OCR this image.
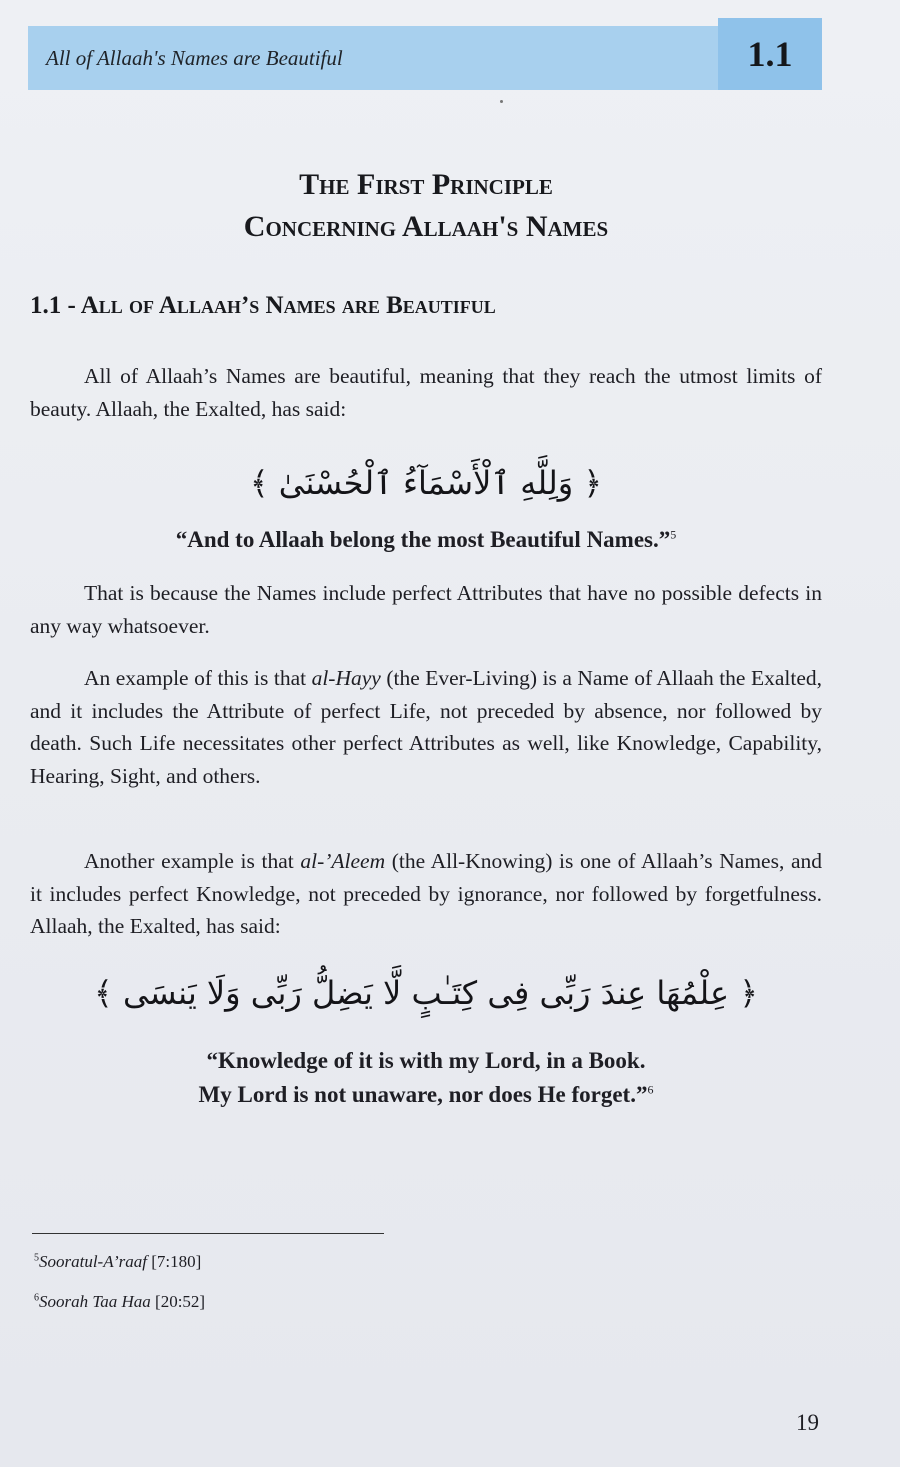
All of Allaah's Names are Beautiful	1.1
The First Principle
Concerning Allaah's Names
1.1 - All of Allaah’s Names are Beautiful

All of Allaah’s Names are beautiful, meaning that they reach the utmost limits of beauty. Allaah, the Exalted, has said:

﴿ وَلِلَّهِ ٱلْأَسْمَآءُ ٱلْحُسْنَىٰ ﴾
“And to Allaah belong the most Beautiful Names.”$^5$

That is because the Names include perfect Attributes that have no possible defects in any way whatsoever.

An example of this is that al-Hayy (the Ever-Living) is a Name of Allaah the Exalted, and it includes the Attribute of perfect Life, not preceded by absence, nor followed by death. Such Life necessitates other perfect Attributes as well, like Knowledge, Capability, Hearing, Sight, and others.

Another example is that al-’Aleem (the All-Knowing) is one of Allaah’s Names, and it includes perfect Knowledge, not preceded by ignorance, nor followed by forgetfulness. Allaah, the Exalted, has said:

﴿ عِلْمُهَا عِندَ رَبِّى فِى كِتَـٰبٍ لَّا يَضِلُّ رَبِّى وَلَا يَنسَى ﴾
“Knowledge of it is with my Lord, in a Book.
My Lord is not unaware, nor does He forget.”$^6$
$^5$Sooratul-A’raaf [7:180]
$^6$Soorah Taa Haa [20:52]
19
